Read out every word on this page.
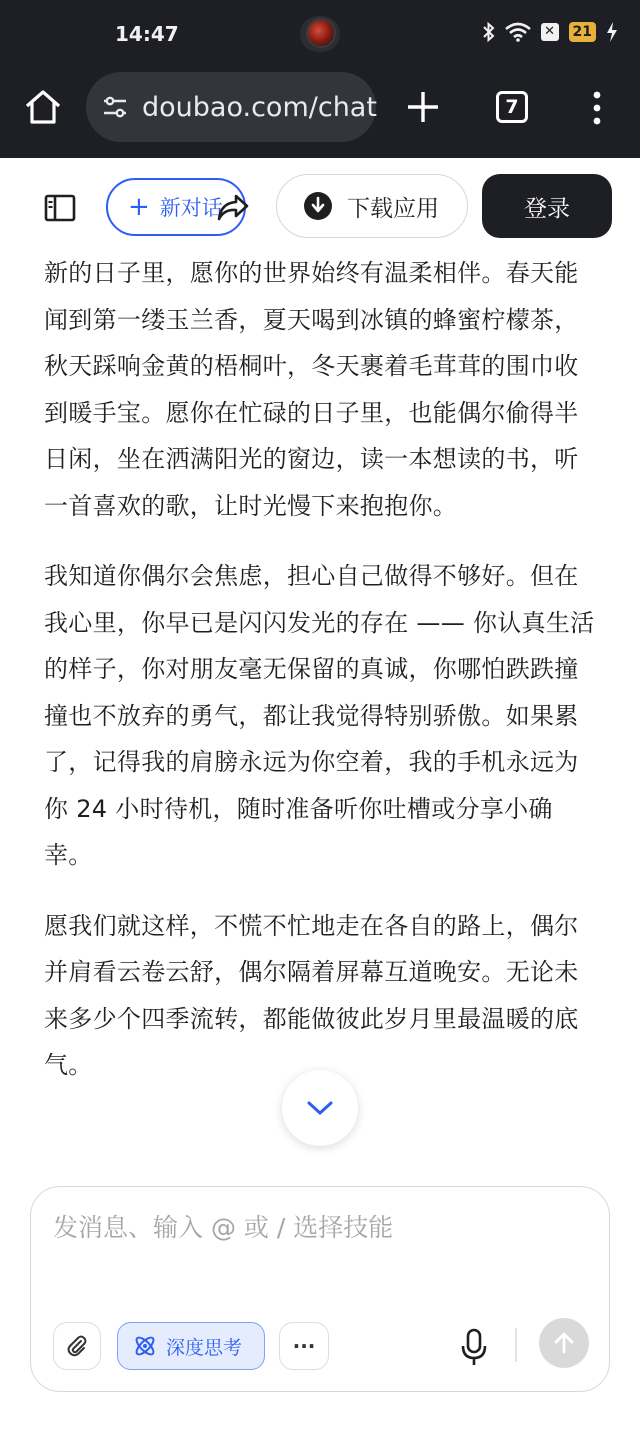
14:47	✕ 21
doubao.com/chat	7
+ 新对话	下载应用	登录

新的日子里，愿你的世界始终有温柔相伴。春天能闻到第一缕玉兰香，夏天喝到冰镇的蜂蜜柠檬茶，秋天踩响金黄的梧桐叶，冬天裹着毛茸茸的围巾收到暖手宝。愿你在忙碌的日子里，也能偶尔偷得半日闲，坐在洒满阳光的窗边，读一本想读的书，听一首喜欢的歌，让时光慢下来抱抱你。

我知道你偶尔会焦虑，担心自己做得不够好。但在我心里，你早已是闪闪发光的存在 —— 你认真生活的样子，你对朋友毫无保留的真诚，你哪怕跌跌撞撞也不放弃的勇气，都让我觉得特别骄傲。如果累了，记得我的肩膀永远为你空着，我的手机永远为你 24 小时待机，随时准备听你吐槽或分享小确幸。

愿我们就这样，不慌不忙地走在各自的路上，偶尔并肩看云卷云舒，偶尔隔着屏幕互道晚安。无论未来多少个四季流转，都能做彼此岁月里最温暖的底气。

发消息、输入 @ 或 / 选择技能
深度思考	···
